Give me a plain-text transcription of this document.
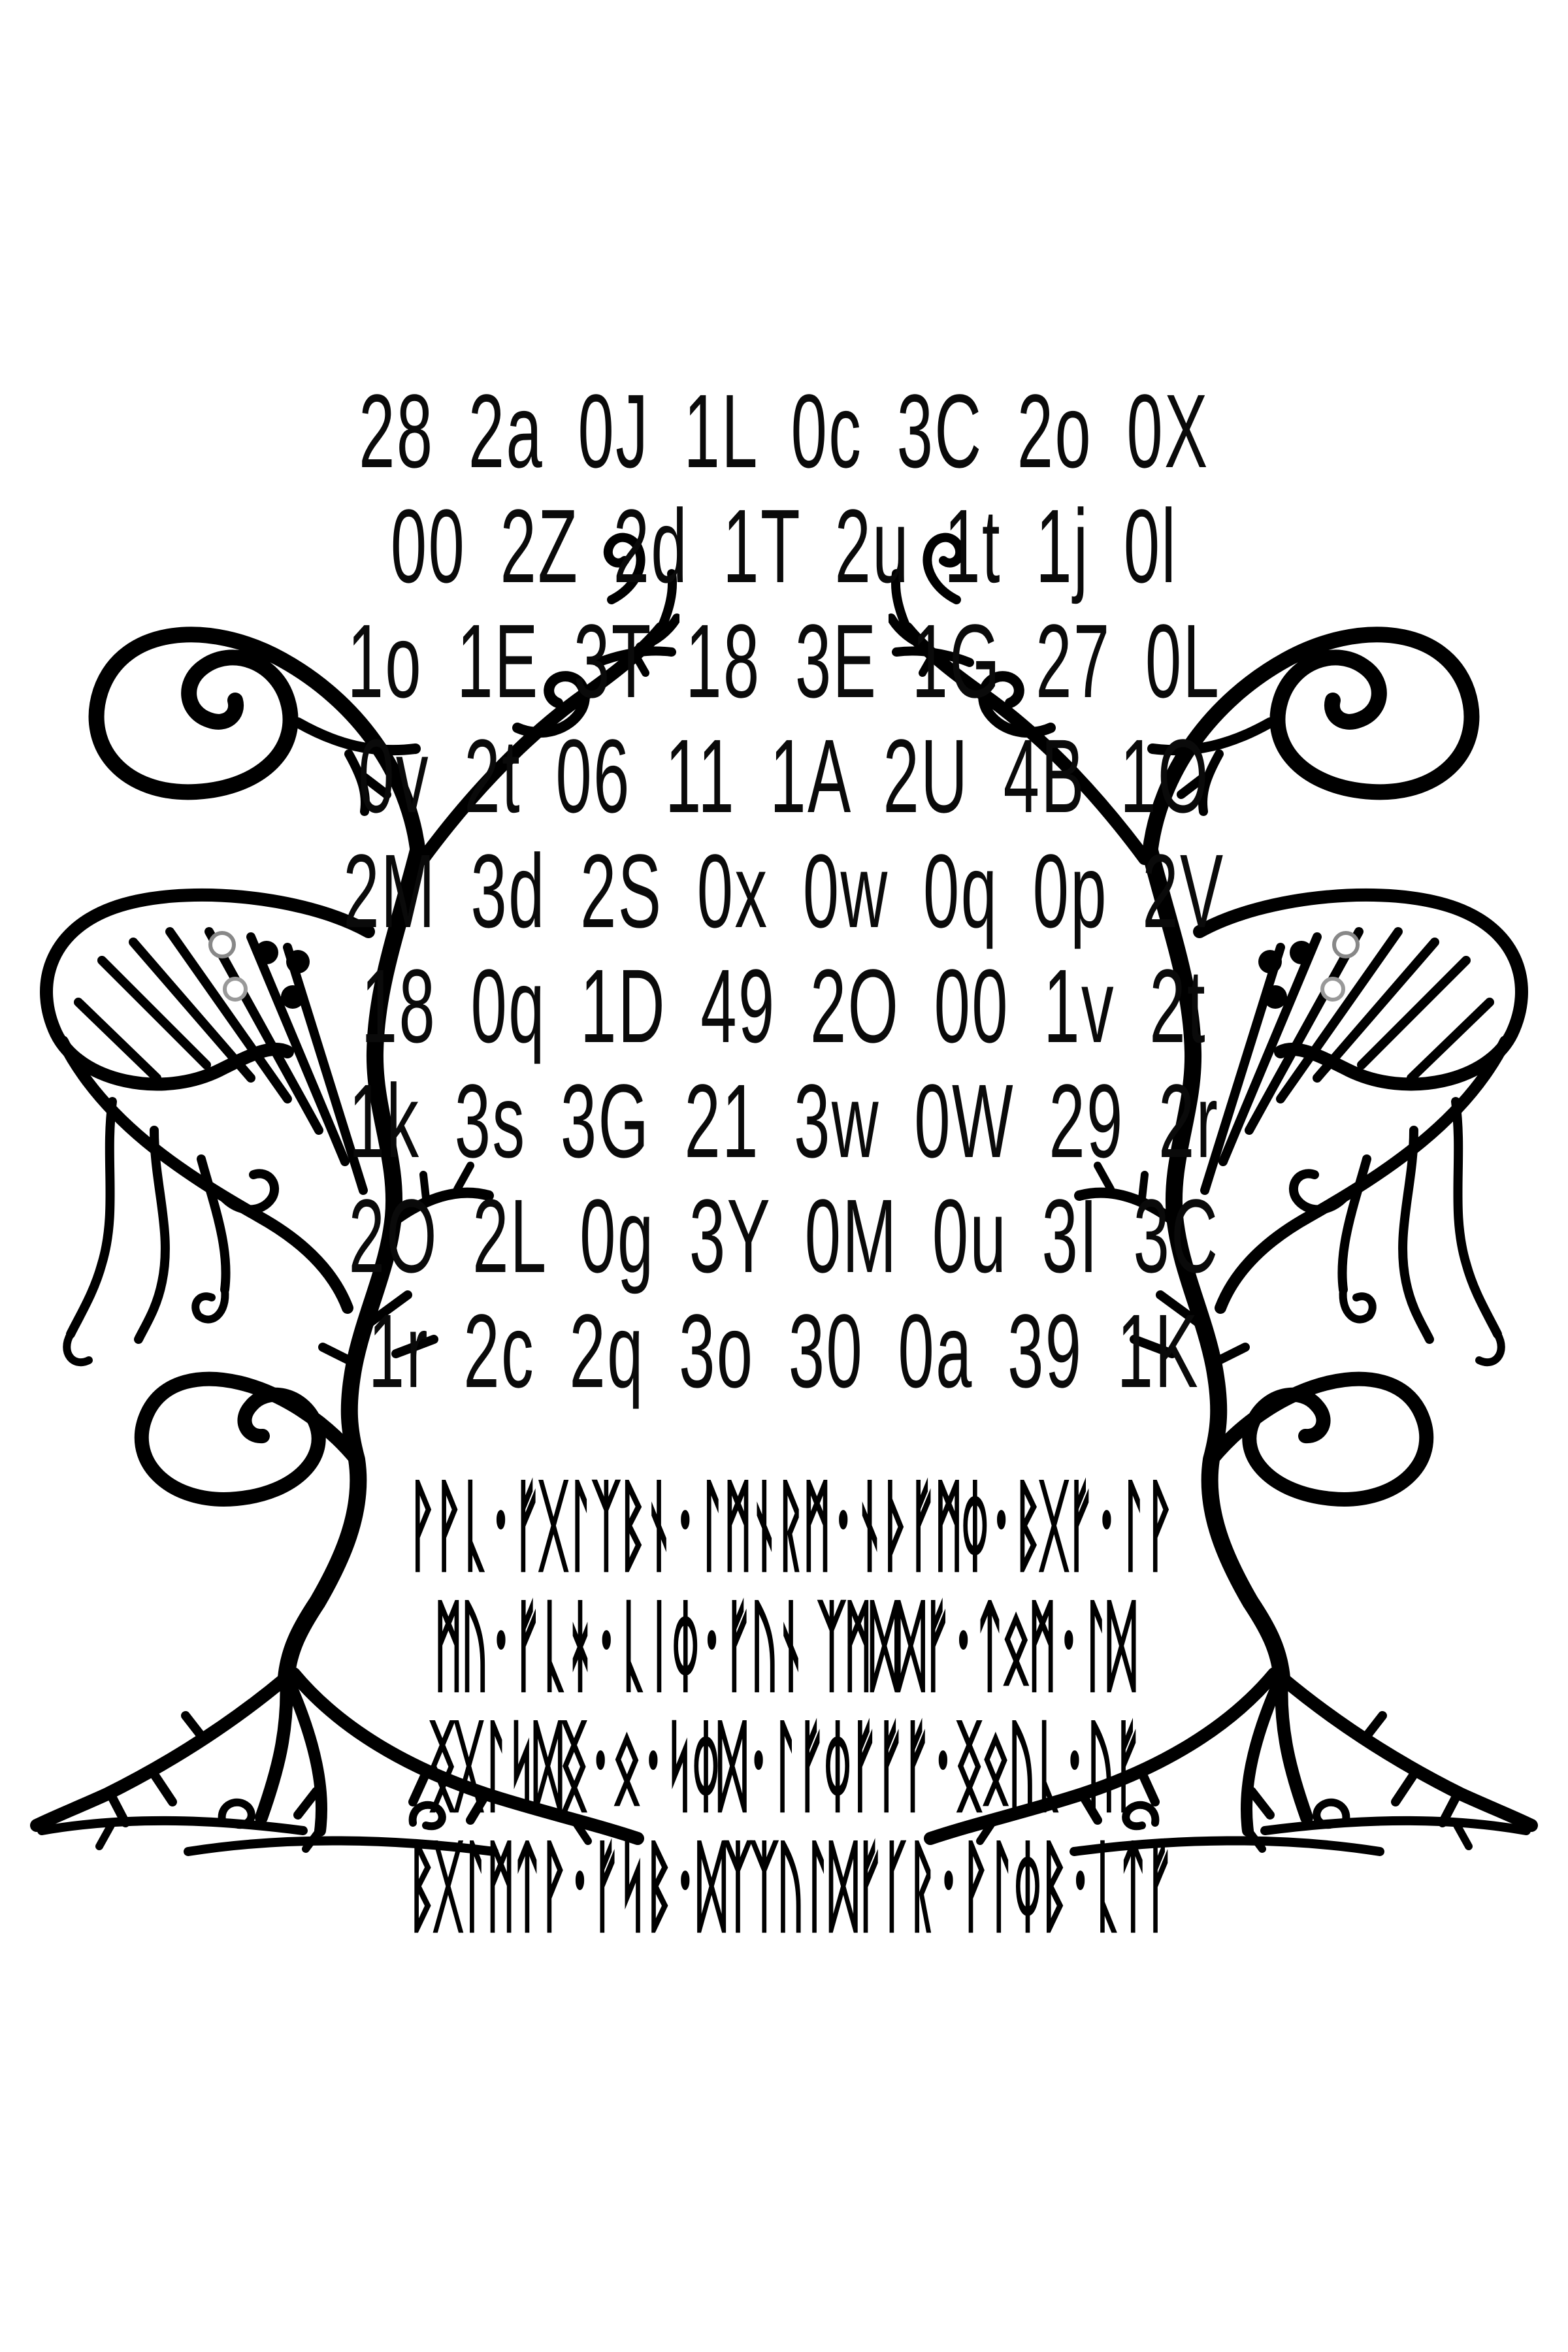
28 2a 0J 1L 0c 3C 2o 0X
00 2Z 2d 1T 2u 1t 1j 0l
1o 1E 3T 18 3E 1G 27 0L
0v 2t 06 11 1A 2U 4B 1O
2M 3d 2S 0x 0w 0q 0p 2V
18 0q 1D 49 2O 00 1v 2t
1k 3s 3G 21 3w 0W 29 2r
2O 2L 0g 3Y 0M 0u 3I 3C
1r 2c 2q 3o 30 0a 39 1K
ᚹᚹᚳ᛫ᚠᚷᛚᛉᛒᚾ᛫ᛚᛗᚾᚱᛗ᛫ᚾᚦᚠᛗᛰ᛫ᛒᚷᚠ᛫ᛚᚹ
ᛗᚢ᛫ᚠᚳᚼ᛫ᚳᛁᛰ᛫ᚠᚢᚾ ᛉᛗᛞᛞᚠ᛫ᛏᛟᛗ᛫ᛚᛞ
ᛝᚷᛚᛋᛞᛝ᛫ᛟ᛫ᛋᛰᛞ᛫ᛚᚠᛰᚠᚠᚠ᛫ᛝᛟᚢᚳ᛫ᚢᚠ
ᛒᚷᛚᛗᛏᚹ᛫ᚠᛋᛒ᛫ᛞᛉᛉᚢᛚᛞᚠᚴᚱ᛫ᚹᛚᛰᛒ᛫ᚳᛏᚠ
